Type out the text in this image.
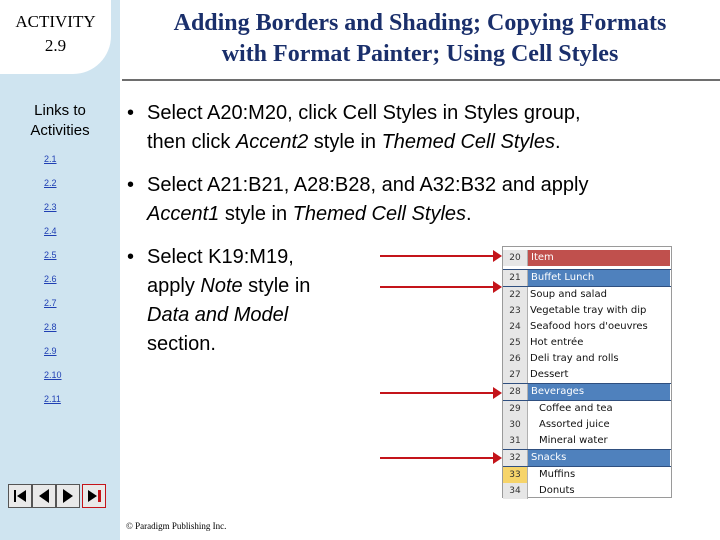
ACTIVITY
2.9
Links to
Activities
2.1
2.2
2.3
2.4
2.5
2.6
2.7
2.8
2.9
2.10
2.11
Adding Borders and Shading; Copying Formats
with Format Painter; Using Cell Styles
• Select A20:M20, click Cell Styles in Styles group,
then click Accent2 style in Themed Cell Styles.
• Select A21:B21, A28:B28, and A32:B32 and apply
Accent1 style in Themed Cell Styles.
• Select K19:M19,
apply Note style in
Data and Model
section.
20	Item
21	Buffet Lunch
22 Soup and salad
23 Vegetable tray with dip
24 Seafood hors d'oeuvres
25 Hot entrée
26 Deli tray and rolls
27 Dessert
28	Beverages
29	Coffee and tea
30	Assorted juice
31	Mineral water
32	Snacks
33	Muffins
34	Donuts
© Paradigm Publishing Inc.
